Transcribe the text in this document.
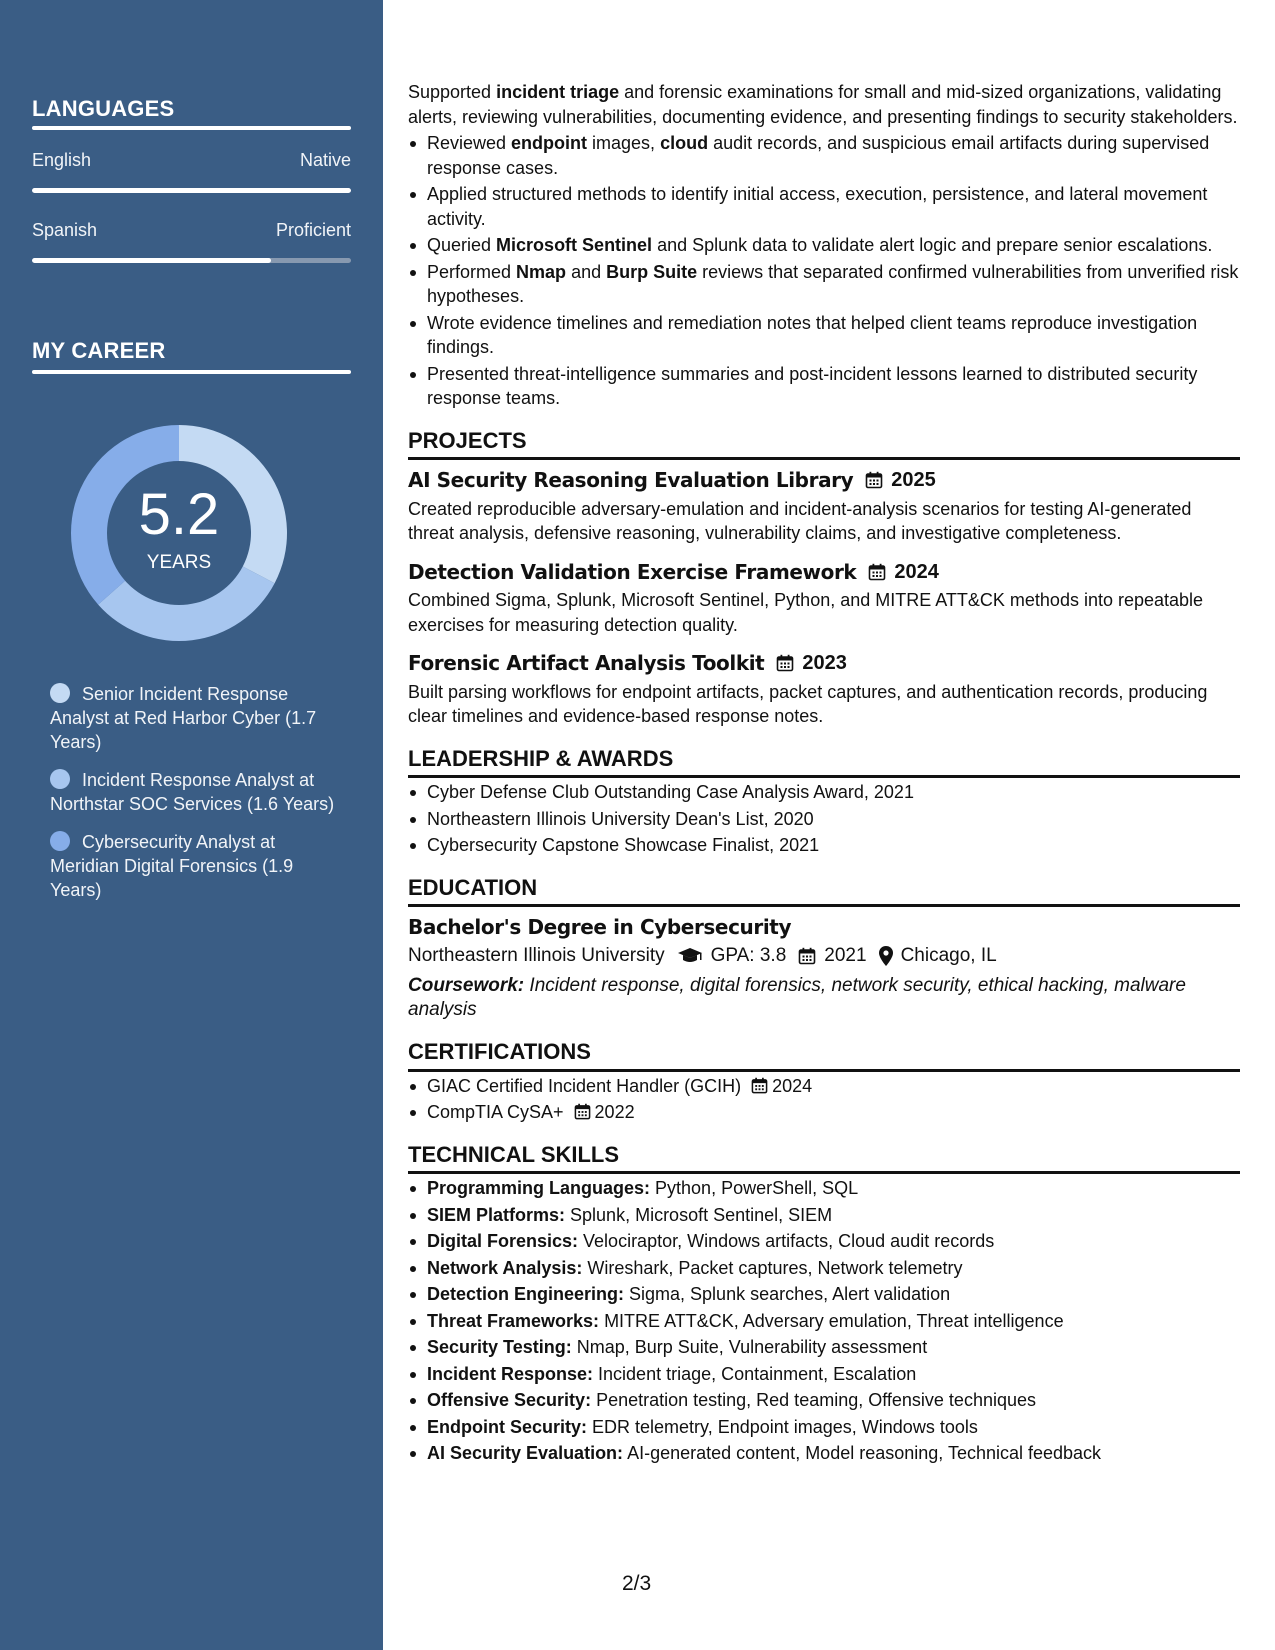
LANGUAGES
English	Native
Spanish	Proficient
MY CAREER
5.2
YEARS
Senior Incident Response Analyst at Red Harbor Cyber (1.7 Years)
Incident Response Analyst at Northstar SOC Services (1.6 Years)
Cybersecurity Analyst at Meridian Digital Forensics (1.9 Years)

Supported incident triage and forensic examinations for small and mid-sized organizations, validating alerts, reviewing vulnerabilities, documenting evidence, and presenting findings to security stakeholders.

Reviewed endpoint images, cloud audit records, and suspicious email artifacts during supervised response cases.
Applied structured methods to identify initial access, execution, persistence, and lateral movement activity.
Queried Microsoft Sentinel and Splunk data to validate alert logic and prepare senior escalations.
Performed Nmap and Burp Suite reviews that separated confirmed vulnerabilities from unverified risk hypotheses.
Wrote evidence timelines and remediation notes that helped client teams reproduce investigation findings.
Presented threat-intelligence summaries and post-incident lessons learned to distributed security response teams.
PROJECTS
AI Security Reasoning Evaluation Library 2025

Created reproducible adversary-emulation and incident-analysis scenarios for testing AI-generated threat analysis, defensive reasoning, vulnerability claims, and investigative completeness.

Detection Validation Exercise Framework 2024

Combined Sigma, Splunk, Microsoft Sentinel, Python, and MITRE ATT&CK methods into repeatable exercises for measuring detection quality.

Forensic Artifact Analysis Toolkit 2023

Built parsing workflows for endpoint artifacts, packet captures, and authentication records, producing clear timelines and evidence-based response notes.

LEADERSHIP & AWARDS
Cyber Defense Club Outstanding Case Analysis Award, 2021
Northeastern Illinois University Dean's List, 2020
Cybersecurity Capstone Showcase Finalist, 2021
EDUCATION
Bachelor's Degree in Cybersecurity
Northeastern Illinois University GPA: 3.8 2021 Chicago, IL
Coursework: Incident response, digital forensics, network security, ethical hacking, malware analysis
CERTIFICATIONS
GIAC Certified Incident Handler (GCIH) 2024
CompTIA CySA+ 2022
TECHNICAL SKILLS
Programming Languages: Python, PowerShell, SQL
SIEM Platforms: Splunk, Microsoft Sentinel, SIEM
Digital Forensics: Velociraptor, Windows artifacts, Cloud audit records
Network Analysis: Wireshark, Packet captures, Network telemetry
Detection Engineering: Sigma, Splunk searches, Alert validation
Threat Frameworks: MITRE ATT&CK, Adversary emulation, Threat intelligence
Security Testing: Nmap, Burp Suite, Vulnerability assessment
Incident Response: Incident triage, Containment, Escalation
Offensive Security: Penetration testing, Red teaming, Offensive techniques
Endpoint Security: EDR telemetry, Endpoint images, Windows tools
AI Security Evaluation: AI-generated content, Model reasoning, Technical feedback
2/3
